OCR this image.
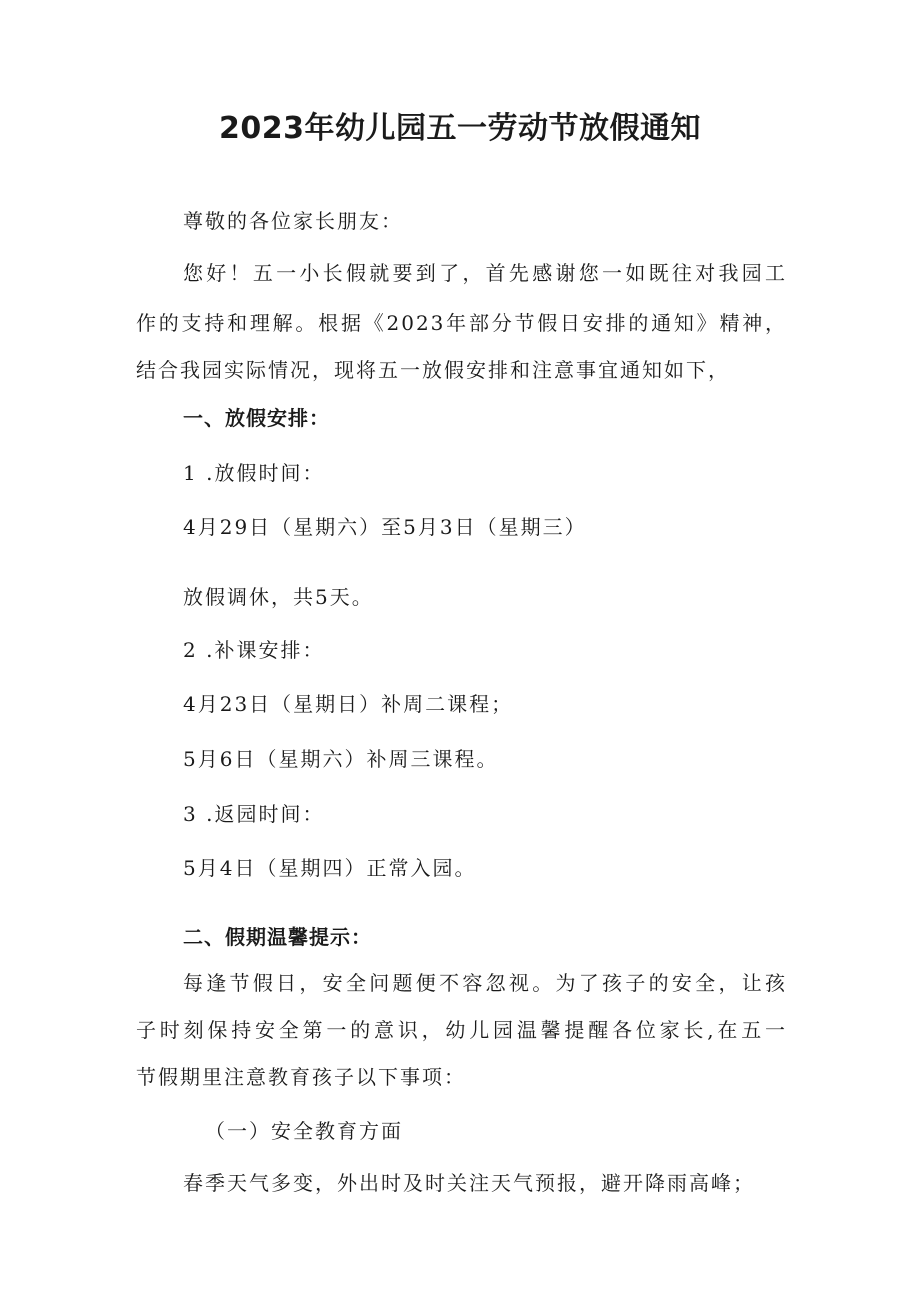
2023年幼儿园五一劳动节放假通知
尊敬的各位家长朋友：
您好！五一小长假就要到了，首先感谢您一如既往对我园工
作的支持和理解。根据《2023年部分节假日安排的通知》精神，
结合我园实际情况，现将五一放假安排和注意事宜通知如下，
一、放假安排：
1 .放假时间：
4月29日（星期六）至5月3日（星期三）
放假调休，共5天。
2 .补课安排：
4月23日（星期日）补周二课程；
5月6日（星期六）补周三课程。
3 .返园时间：
5月4日（星期四）正常入园。
二、假期温馨提示：
每逢节假日，安全问题便不容忽视。为了孩子的安全，让孩
子时刻保持安全第一的意识，幼儿园温馨提醒各位家长,在五一
节假期里注意教育孩子以下事项：
（一）安全教育方面
春季天气多变，外出时及时关注天气预报，避开降雨高峰；
